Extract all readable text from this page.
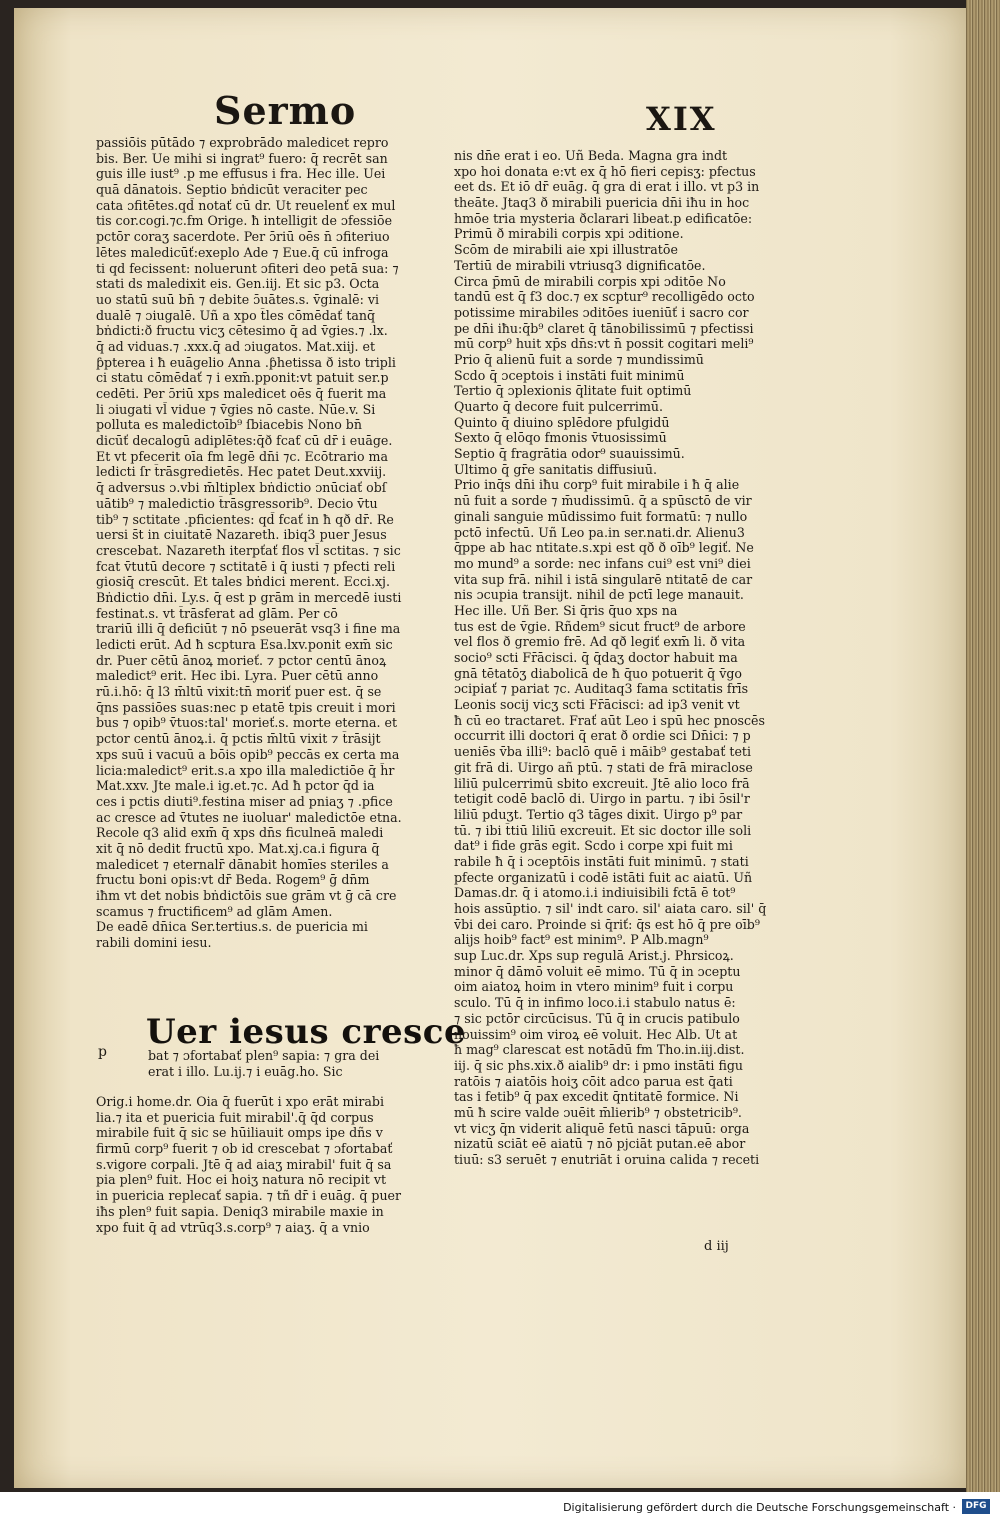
Sermo	XIX
passiōis pūtādo ⁊ exprobrādo maledicet repro
bis. Ber. Ue mihi si ingrat⁹ fuero: q̄ recrēt san
guis ille iust⁹ .p me effusus i fra. Hec ille. Uei
quā dānatois. Septio bṅdicūt veraciter pec
cata ɔfitētes.qd̄ notať cū dr. Ut reuelenť ex mul
tis cor.cogi.⁊c.fm Orige. ħ intelligit de ɔfessiōe
pctōr coraʒ sacerdote. Per ɔ̄riū oēs n̄ ɔfiteriuo
lētes maledicūť:exeplo Ade ⁊ Eue.q̄ cū infroga
ti qd fecissent: noluerunt ɔfiteri deo petā sua: ⁊
stati ds maledixit eis. Gen.iij. Et sic p3. Octa
uo statū suū bn̄ ⁊ debite ɔ̄uātes.s. v̄ginalē: vi
dualē ⁊ ɔiugalē. Uñ a xpo t̄les cōmēdať tanq̄
bṅdicti:ð fructu vicʒ cētesimo q̄ ad v̄gies.⁊ .lx.
q̄ ad viduas.⁊ .xxx.q̄ ad ɔiugatos. Mat.xiij. et
ƥpterea i ħ euāgelio Anna .ƥhetissa ð isto tripli
ci statu cōmēdať ⁊ i exm̄.pponit:vt patuit ser.p
cedēti. Per ɔ̄riū xps maledicet oēs q̄ fuerit ma
li ɔiugati vl̄ vidue ⁊ v̄gies nō caste. Nūe.v. Si
polluta es maledictoīb⁹ ſbiacebis Nono bn̄
dicūť decalogū adiplētes:q̄ð fcaƭ cū dr̄ i euāge.
Et vt pfecerit oīa fm legē dn̄i ⁊c. Ecōtrario ma
ledicti ſr t̄rāsgredietēs. Hec patet Deut.xxviij.
q̄ adversus ɔ.vbi m̄ltiplex bṅdictio ɔnūciať obſ
uātib⁹ ⁊ maledictio t̄rāsgressorib⁹. Decio v̄tu
tib⁹ ⁊ sctitate .pficientes: qd̄ fcať in ħ qð dr̄. Re
uersi s̄t in ciuitatē Nazareth. ibiq3 puer Jesus
crescebat. Nazareth iterpťať flos vl̄ sctitas. ⁊ sic
fcat v̄tutū decore ⁊ sctitatē i q̄ iusti ⁊ pfecti reli
giosiq̄ crescūt. Et tales bṅdici merent. Ecci.xj.
Bṅdictio dn̄i. Ly.s. q̄ est p grām in mercedē iusti
festinat.s. vt t̄rāsferat ad glām. Per cō
trariū illi q̄ deficiūt ⁊ nō pseuerāt vsq3 i fine ma
ledicti erūt. Ad ħ scptura Esa.lxv.ponit exm̄ sic
dr. Puer cētū ānoꝝ morieť. ⁊ pctor centū ānoꝝ
maledict⁹ erit. Hec ibi. Lyra. Puer cētū anno
rū.i.hō: q̄ l3 m̄ltū vixit:tn̄ moriť puer est. q̄ se
q̄ns passiōes suas:nec p etatē tpis creuit i mori
bus ⁊ opib⁹ v̄tuos:tal' morieť.s. morte eterna. et
pctor centū ānoꝝ.i. q̄ pctis m̄ltū vixit ⁊ t̄rāsijt
xps suū i vacuū a bōis opib⁹ peccās ex certa ma
licia:maledict⁹ erit.s.a xpo illa maledictiōe q̄ h̄r
Mat.xxv. Jte male.i ig.et.⁊c. Ad ħ pctor q̄d ia
ces i pctis diuti⁹.festina miser ad pniaʒ ⁊ .pfice
ac cresce ad v̄tutes ne iuoluar' maledictōe etna.
Recole q3 alid exm̄ q̄ xps dn̄s ficulneā maledi
xit q̄ nō dedit fructū xpo. Mat.xj.ca.i figura q̄
maledicet ⁊ eternalr̄ dānabit homīes steriles a
fructu boni opis:vt dr̄ Beda. Rogem⁹ ḡ dn̄m
iħm vt det nobis bṅdictōis sue grām vt ḡ cā cre
scamus ⁊ fructificem⁹ ad glām Amen.
De eadē dn̄ica Ser.tertius.s. de puericia mi
rabili domini iesu.
Uer iesus cresce
p	bat ⁊ ɔfortabať plen⁹ sapia: ⁊ gra dei
erat i illo. Lu.ij.⁊ i euāg.ho. Sic
Orig.i home.dr. Oia q̄ fuerūt i xpo erāt mirabi
lia.⁊ ita et puericia fuit mirabil'.q̄ q̄d corpus
mirabile fuit q̄ sic se hūiliauit omps ipe dñs v
firmū corp⁹ fuerit ⁊ ob id crescebat ⁊ ɔfortabať
s.vigore corpali. Jtē q̄ ad aiaʒ mirabil' fuit q̄ sa
pia plen⁹ fuit. Hoc ei hoiʒ natura nō recipit vt
in puericia replecať sapia. ⁊ tñ dr̄ i euāg. q̄ puer
iħs plen⁹ fuit sapia. Deniq3 mirabile maxie in
xpo fuit q̄ ad vtrūq3.s.corp⁹ ⁊ aiaʒ. q̄ a vnio
nis dn̄e erat i eo. Uñ Beda. Magna gra indt
xpo hoi donata e:vt ex q̄ hō fieri cepisʒ: pfectus
eet ds. Et iō dr̄ euāg. q̄ gra di erat i illo. vt p3 in
theāte. Jtaq3 ð mirabili puericia dn̄i iħu in hoc
hmōe tria mysteria ðclarari libeat.p edificatōe:
Primū ð mirabili corpis xpi ɔditione.
Scōm de mirabili aie xpi illustratōe
Tertiū de mirabili vtriusq3 dignificatōe.
Circa p̄mū de mirabili corpis xpi ɔditōe No
tandū est q̄ f3 doc.⁊ ex scptur⁹ recolligēdo octo
potissime mirabiles ɔditōes iueniūť i sacro cor
pe dn̄i iħu:q̄b⁹ claret q̄ tānobilissimū ⁊ pfectissi
mū corp⁹ huit xp̄s dn̄s:vt n̄ possit cogitari meli⁹
Prio q̄ alienū fuit a sorde ⁊ mundissimū
Scdo q̄ ɔceptois i instāti fuit minimū
Tertio q̄ ɔplexionis q̄litate fuit optimū
Quarto q̄ decore fuit pulcerrimū.
Quinto q̄ diuino splēdore pfulgidū
Sexto q̄ elōqo fmonis v̄tuosissimū
Septio q̄ fragrātia odor⁹ suauissimū.
Ultimo q̄ gr̄e sanitatis diffusiuū.
Prio inq̄s dn̄i iħu corp⁹ fuit mirabile i ħ q̄ alie
nū fuit a sorde ⁊ m̄udissimū. q̄ a spūsctō de vir
ginali sanguie mūdissimo fuit formatū: ⁊ nullo
pctō infectū. Uñ Leo pa.in ser.nati.dr. Alienu3
q̄ppe ab hac ntitate.s.xpi est qð ð oīb⁹ legiť. Ne
mo mund⁹ a sorde: nec infans cui⁹ est vni⁹ diei
vita sup frā. nihil i istā singularē ntitatē de car
nis ɔcupia transijt. nihil de pctī lege manauit.
Hec ille. Uñ Ber. Si q̄ris q̄uo xps na
tus est de v̄gie. Rñdem⁹ sicut fruct⁹ de arbore
vel flos ð gremio frē. Ad qð legiť exm̄ li. ð vita
socio⁹ scti Fr̄ācisci. q̄ q̄daʒ doctor habuit ma
gnā tētatōʒ diabolicā de ħ q̄uo potuerit q̄ v̄go
ɔcipiať ⁊ pariat ⁊c. Auditaq3 fama sctitatis frīs
Leonis socij vicʒ scti Fr̄ācisci: ad ip3 venit vt
ħ cū eo tractaret. Frať aūt Leo i spū hec pnoscēs
occurrit illi doctori q̄ erat ð ordie sci Dn̄ici: ⁊ p
ueniēs v̄ba illi⁹: baclō quē i māib⁹ gestabať teti
git frā di. Uirgo añ ptū. ⁊ stati de frā miraclose
liliū pulcerrimū sbito excreuit. Jtē alio loco frā
tetigit codē baclō di. Uirgo in partu. ⁊ ibi ɔ̄sil'r
liliū pduʒt. Tertio q3 tāges dixit. Uirgo p⁹ par
tū. ⁊ ibi t̄tiū liliū excreuit. Et sic doctor ille soli
dat⁹ i fide grās egit. Scdo i corpe xpi fuit mi
rabile ħ q̄ i ɔceptōis instāti fuit minimū. ⁊ stati
pfecte organizatū i codē istāti fuit ac aiatū. Uñ
Damas.dr. q̄ i atomo.i.i indiuisibili fctā ē tot⁹
hois assūptio. ⁊ sil' indt caro. sil' aiata caro. sil' q̄
v̄bi dei caro. Proinde si q̄riť: q̄s est hō q̄ pre oīb⁹
alijs hoib⁹ fact⁹ est minim⁹. P Alb.magn⁹
sup Luc.dr. Xps sup regulā Arist.j. Phrsicoꝝ.
minor q̄ dāmō voluit eē mimo. Tū q̄ in ɔceptu
oim aiatoꝝ hoim in vtero minim⁹ fuit i corpu
sculo. Tū q̄ in infimo loco.i.i stabulo natus ē:
⁊ sic pctōr circūcisus. Tū q̄ in crucis patibulo
nouissim⁹ oim viroꝝ eē voluit. Hec Alb. Ut at
ħ mag⁹ clarescat est notādū fm Tho.in.iij.dist.
iij. q̄ sic phs.xix.ð aialib⁹ dr: i pmo instāti figu
ratōis ⁊ aiatōis hoiʒ cōit adco parua est q̄ati
tas i fetib⁹ q̄ pax excedit q̄ntitatē formice. Ni
mū ħ scire valde ɔuēit m̄lierib⁹ ⁊ obstetricib⁹.
vt vicʒ q̄n viderit aliquē fetū nasci tāpuū: orga
nizatū sciāt eē aiatū ⁊ nō pjciāt putan.eē abor
tiuū: s3 seruēt ⁊ enutriāt i oruina calida ⁊ receti
d iij
Digitalisierung gefördert durch die Deutsche Forschungsgemeinschaft ·	DFG
